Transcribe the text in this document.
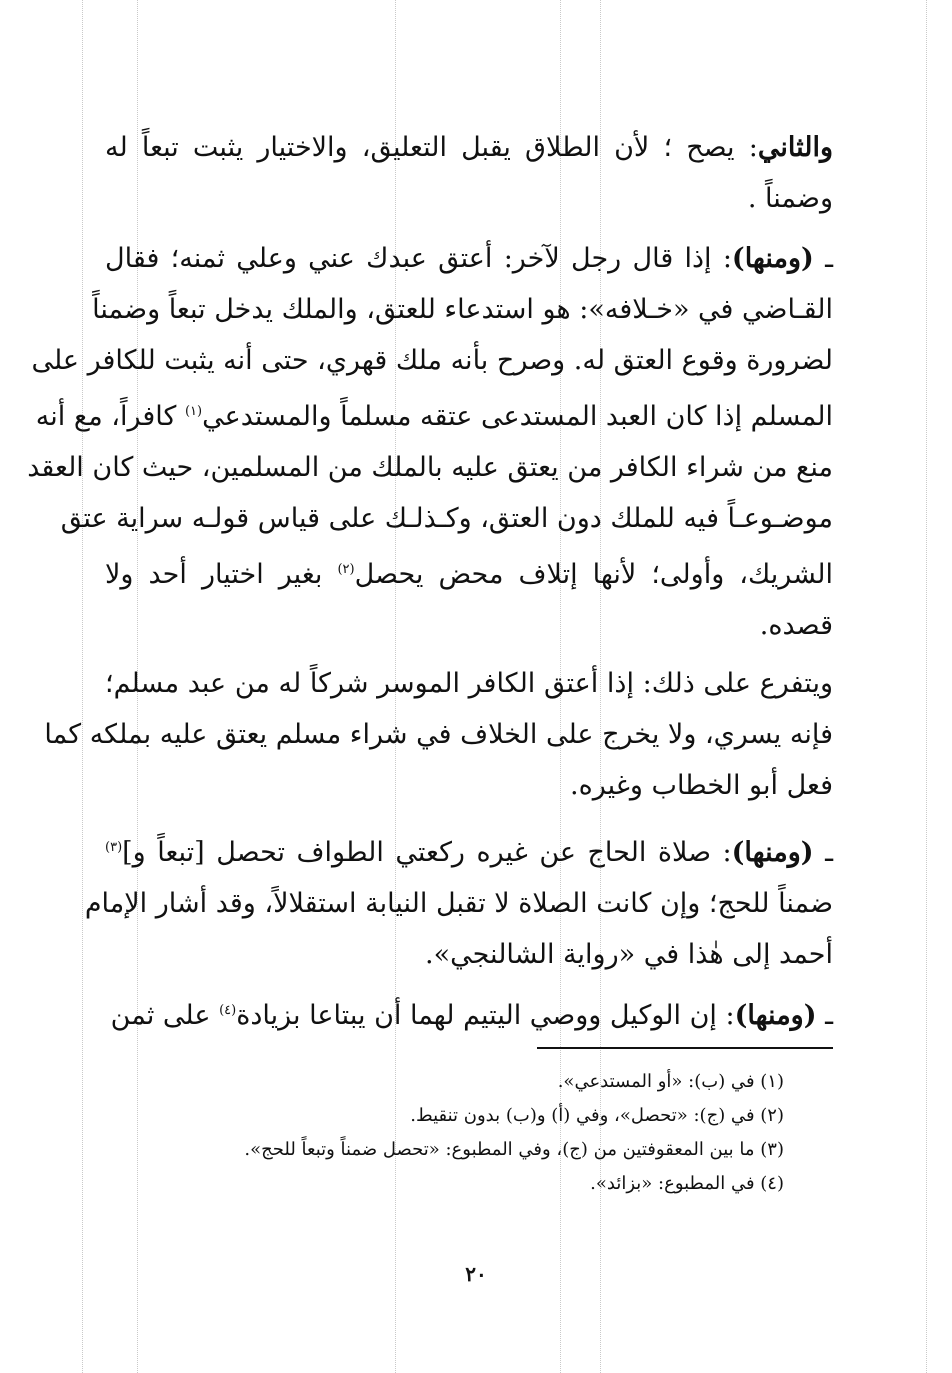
والثاني: يصح ؛ لأن الطلاق يقبل التعليق، والاختيار يثبت تبعاً له

وضمناً .

ـ (ومنها): إذا قال رجل لآخر: أعتق عبدك عني وعلي ثمنه؛ فقال

القـاضي في «خـلافه»: هو استدعاء للعتق، والملك يدخل تبعاً وضمناً

لضرورة وقوع العتق له. وصرح بأنه ملك قهري، حتى أنه يثبت للكافر على

المسلم إذا كان العبد المستدعى عتقه مسلماً والمستدعي$^{(١)}$ كافراً، مع أنه

منع من شراء الكافر من يعتق عليه بالملك من المسلمين، حيث كان العقد

موضـوعـاً فيه للملك دون العتق، وكـذلـك على قياس قولـه سراية عتق

الشريك، وأولى؛ لأنها إتلاف محض يحصل$^{(٢)}$ بغير اختيار أحد ولا

قصده.

ويتفرع على ذلك: إذا أعتق الكافر الموسر شركاً له من عبد مسلم؛

فإنه يسري، ولا يخرج على الخلاف في شراء مسلم يعتق عليه بملكه كما

فعل أبو الخطاب وغيره.

ـ (ومنها): صلاة الحاج عن غيره ركعتي الطواف تحصل [تبعاً و]$^{(٣)}$

ضمناً للحج؛ وإن كانت الصلاة لا تقبل النيابة استقلالاً، وقد أشار الإمام

أحمد إلى هٰذا في «رواية الشالنجي».

ـ (ومنها): إن الوكيل ووصي اليتيم لهما أن يبتاعا بزيادة$^{(٤)}$ على ثمن

(١) في (ب): «أو المستدعي».
(٢) في (ج): «تحصل»، وفي (أ) و(ب) بدون تنقيط.
(٣) ما بين المعقوفتين من (ج)، وفي المطبوع: «تحصل ضمناً وتبعاً للحج».
(٤) في المطبوع: «بزائد».
٢٠
